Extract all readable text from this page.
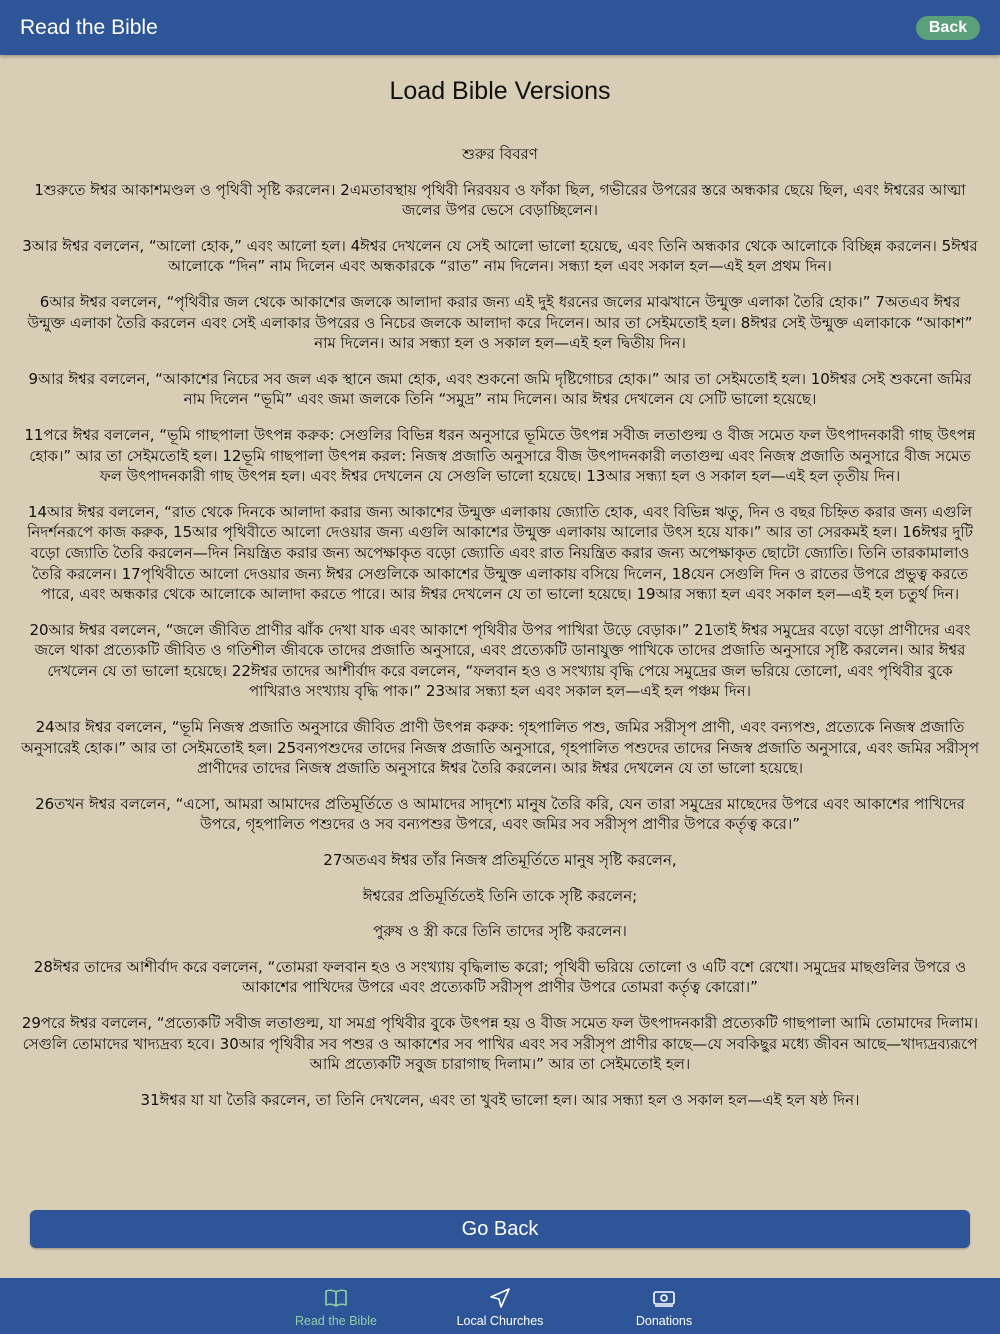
Read the Bible	Back
Load Bible Versions

শুরুর বিবরণ

1শুরুতে ঈশ্বর আকাশমণ্ডল ও পৃথিবী সৃষ্টি করলেন। 2এমতাবস্থায় পৃথিবী নিরবয়ব ও ফাঁকা ছিল, গভীরের উপরের স্তরে অন্ধকার ছেয়ে ছিল, এবং ঈশ্বরের আত্মা জলের উপর ভেসে বেড়াচ্ছিলেন।

3আর ঈশ্বর বললেন, “আলো হোক,” এবং আলো হল। 4ঈশ্বর দেখলেন যে সেই আলো ভালো হয়েছে, এবং তিনি অন্ধকার থেকে আলোকে বিচ্ছিন্ন করলেন। 5ঈশ্বর আলোকে “দিন” নাম দিলেন এবং অন্ধকারকে “রাত” নাম দিলেন। সন্ধ্যা হল এবং সকাল হল—এই হল প্রথম দিন।

6আর ঈশ্বর বললেন, “পৃথিবীর জল থেকে আকাশের জলকে আলাদা করার জন্য এই দুই ধরনের জলের মাঝখানে উন্মুক্ত এলাকা তৈরি হোক।” 7অতএব ঈশ্বর উন্মুক্ত এলাকা তৈরি করলেন এবং সেই এলাকার উপরের ও নিচের জলকে আলাদা করে দিলেন। আর তা সেইমতোই হল। 8ঈশ্বর সেই উন্মুক্ত এলাকাকে “আকাশ” নাম দিলেন। আর সন্ধ্যা হল ও সকাল হল—এই হল দ্বিতীয় দিন।

9আর ঈশ্বর বললেন, “আকাশের নিচের সব জল এক স্থানে জমা হোক, এবং শুকনো জমি দৃষ্টিগোচর হোক।” আর তা সেইমতোই হল। 10ঈশ্বর সেই শুকনো জমির নাম দিলেন “ভূমি” এবং জমা জলকে তিনি “সমুদ্র” নাম দিলেন। আর ঈশ্বর দেখলেন যে সেটি ভালো হয়েছে।

11পরে ঈশ্বর বললেন, “ভূমি গাছপালা উৎপন্ন করুক: সেগুলির বিভিন্ন ধরন অনুসারে ভূমিতে উৎপন্ন সবীজ লতাগুল্ম ও বীজ সমেত ফল উৎপাদনকারী গাছ উৎপন্ন হোক।” আর তা সেইমতোই হল। 12ভূমি গাছপালা উৎপন্ন করল: নিজস্ব প্রজাতি অনুসারে বীজ উৎপাদনকারী লতাগুল্ম এবং নিজস্ব প্রজাতি অনুসারে বীজ সমেত ফল উৎপাদনকারী গাছ উৎপন্ন হল। এবং ঈশ্বর দেখলেন যে সেগুলি ভালো হয়েছে। 13আর সন্ধ্যা হল ও সকাল হল—এই হল তৃতীয় দিন।

14আর ঈশ্বর বললেন, “রাত থেকে দিনকে আলাদা করার জন্য আকাশের উন্মুক্ত এলাকায় জ্যোতি হোক, এবং বিভিন্ন ঋতু, দিন ও বছর চিহ্নিত করার জন্য এগুলি নিদর্শনরূপে কাজ করুক, 15আর পৃথিবীতে আলো দেওয়ার জন্য এগুলি আকাশের উন্মুক্ত এলাকায় আলোর উৎস হয়ে যাক।” আর তা সেরকমই হল। 16ঈশ্বর দুটি বড়ো জ্যোতি তৈরি করলেন—দিন নিয়ন্ত্রিত করার জন্য অপেক্ষাকৃত বড়ো জ্যোতি এবং রাত নিয়ন্ত্রিত করার জন্য অপেক্ষাকৃত ছোটো জ্যোতি। তিনি তারকামালাও তৈরি করলেন। 17পৃথিবীতে আলো দেওয়ার জন্য ঈশ্বর সেগুলিকে আকাশের উন্মুক্ত এলাকায় বসিয়ে দিলেন, 18যেন সেগুলি দিন ও রাতের উপরে প্রভুত্ব করতে পারে, এবং অন্ধকার থেকে আলোকে আলাদা করতে পারে। আর ঈশ্বর দেখলেন যে তা ভালো হয়েছে। 19আর সন্ধ্যা হল এবং সকাল হল—এই হল চতুর্থ দিন।

20আর ঈশ্বর বললেন, “জলে জীবিত প্রাণীর ঝাঁক দেখা যাক এবং আকাশে পৃথিবীর উপর পাখিরা উড়ে বেড়াক।” 21তাই ঈশ্বর সমুদ্রের বড়ো বড়ো প্রাণীদের এবং জলে থাকা প্রত্যেকটি জীবিত ও গতিশীল জীবকে তাদের প্রজাতি অনুসারে, এবং প্রত্যেকটি ডানাযুক্ত পাখিকে তাদের প্রজাতি অনুসারে সৃষ্টি করলেন। আর ঈশ্বর দেখলেন যে তা ভালো হয়েছে। 22ঈশ্বর তাদের আশীর্বাদ করে বললেন, “ফলবান হও ও সংখ্যায় বৃদ্ধি পেয়ে সমুদ্রের জল ভরিয়ে তোলো, এবং পৃথিবীর বুকে পাখিরাও সংখ্যায় বৃদ্ধি পাক।” 23আর সন্ধ্যা হল এবং সকাল হল—এই হল পঞ্চম দিন।

24আর ঈশ্বর বললেন, “ভূমি নিজস্ব প্রজাতি অনুসারে জীবিত প্রাণী উৎপন্ন করুক: গৃহপালিত পশু, জমির সরীসৃপ প্রাণী, এবং বন্যপশু, প্রত্যেকে নিজস্ব প্রজাতি অনুসারেই হোক।” আর তা সেইমতোই হল। 25বন্যপশুদের তাদের নিজস্ব প্রজাতি অনুসারে, গৃহপালিত পশুদের তাদের নিজস্ব প্রজাতি অনুসারে, এবং জমির সরীসৃপ প্রাণীদের তাদের নিজস্ব প্রজাতি অনুসারে ঈশ্বর তৈরি করলেন। আর ঈশ্বর দেখলেন যে তা ভালো হয়েছে।

26তখন ঈশ্বর বললেন, “এসো, আমরা আমাদের প্রতিমূর্তিতে ও আমাদের সাদৃশ্যে মানুষ তৈরি করি, যেন তারা সমুদ্রের মাছেদের উপরে এবং আকাশের পাখিদের উপরে, গৃহপালিত পশুদের ও সব বন্যপশুর উপরে, এবং জমির সব সরীসৃপ প্রাণীর উপরে কর্তৃত্ব করে।”

27অতএব ঈশ্বর তাঁর নিজস্ব প্রতিমূর্তিতে মানুষ সৃষ্টি করলেন,

ঈশ্বরের প্রতিমূর্তিতেই তিনি তাকে সৃষ্টি করলেন;

পুরুষ ও স্ত্রী করে তিনি তাদের সৃষ্টি করলেন।

28ঈশ্বর তাদের আশীর্বাদ করে বললেন, “তোমরা ফলবান হও ও সংখ্যায় বৃদ্ধিলাভ করো; পৃথিবী ভরিয়ে তোলো ও এটি বশে রেখো। সমুদ্রের মাছগুলির উপরে ও আকাশের পাখিদের উপরে এবং প্রত্যেকটি সরীসৃপ প্রাণীর উপরে তোমরা কর্তৃত্ব কোরো।”

29পরে ঈশ্বর বললেন, “প্রত্যেকটি সবীজ লতাগুল্ম, যা সমগ্র পৃথিবীর বুকে উৎপন্ন হয় ও বীজ সমেত ফল উৎপাদনকারী প্রত্যেকটি গাছপালা আমি তোমাদের দিলাম। সেগুলি তোমাদের খাদ্যদ্রব্য হবে। 30আর পৃথিবীর সব পশুর ও আকাশের সব পাখির এবং সব সরীসৃপ প্রাণীর কাছে—যে সবকিছুর মধ্যে জীবন আছে—খাদ্যদ্রব্যরূপে আমি প্রত্যেকটি সবুজ চারাগাছ দিলাম।” আর তা সেইমতোই হল।

31ঈশ্বর যা যা তৈরি করলেন, তা তিনি দেখলেন, এবং তা খুবই ভালো হল। আর সন্ধ্যা হল ও সকাল হল—এই হল ষষ্ঠ দিন।

Go Back
Read the Bible	Local Churches	Donations
